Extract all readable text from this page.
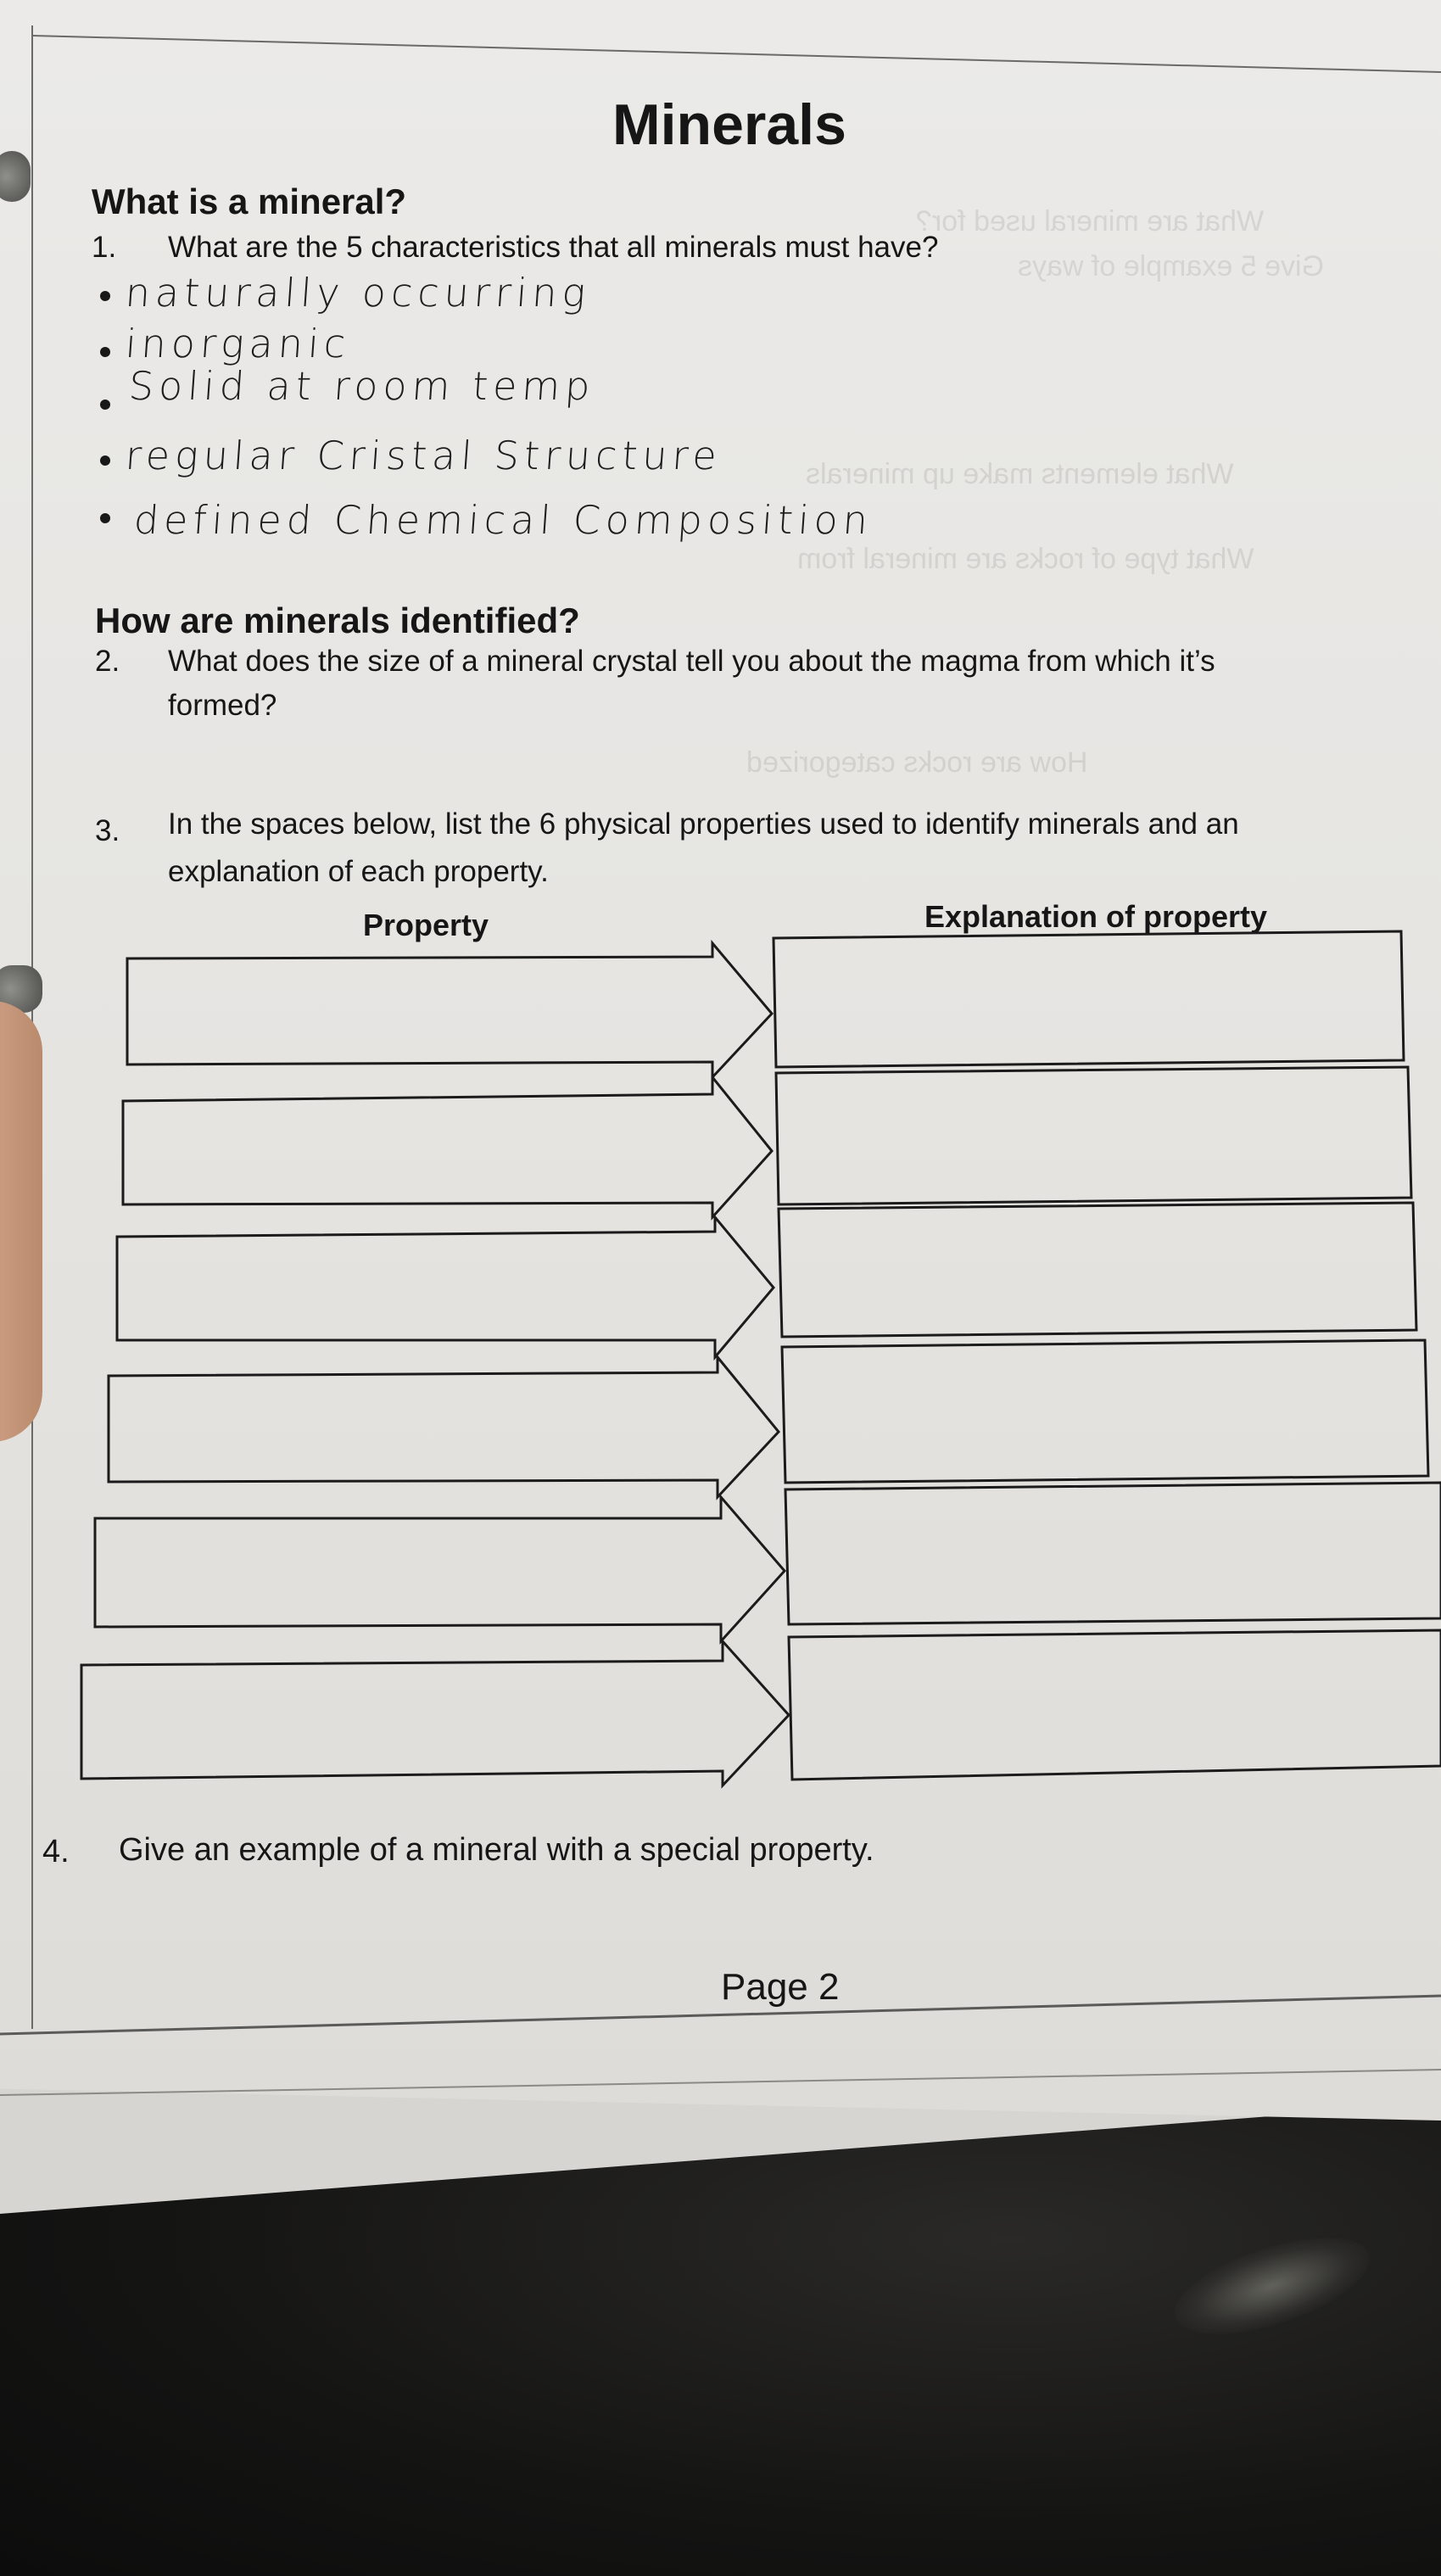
What are mineral used for?
Give 5 example of ways
What elements make up minerals
What type of rocks are mineral from
How are rocks categorized
Minerals
What is a mineral?
1. What are the 5 characteristics that all minerals must have?
naturally occurring
inorganic
Solid at room temp
regular Cristal Structure
defined Chemical Composition
How are minerals identified?
2. What does the size of a mineral crystal tell you about the magma from which it’s
formed?
3. In the spaces below, list the 6 physical properties used to identify minerals and an
explanation of each property.
Property	Explanation of property
4. Give an example of a mineral with a special property.
Page 2
